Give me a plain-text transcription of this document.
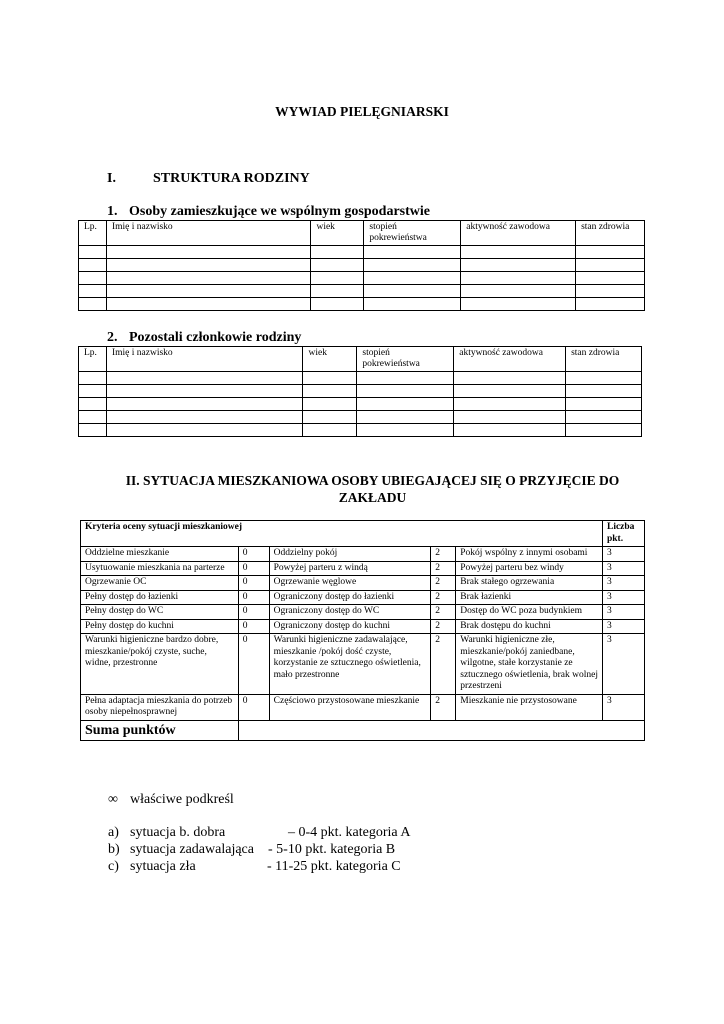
WYWIAD PIELĘGNIARSKI
I.	STRUKTURA RODZINY
1. Osoby zamieszkujące we wspólnym gospodarstwie
Lp.	Imię i nazwisko	wiek	stopień pokrewieństwa	aktywność zawodowa	stan zdrowia

2. Pozostali członkowie rodziny
Lp.	Imię i nazwisko	wiek	stopień pokrewieństwa	aktywność zawodowa	stan zdrowia

II. SYTUACJA MIESZKANIOWA OSOBY UBIEGAJĄCEJ SIĘ O PRZYJĘCIE DO ZAKŁADU
Kryteria oceny sytuacji mieszkaniowej					Liczba pkt.
Oddzielne mieszkanie	0	Oddzielny pokój	2	Pokój wspólny z innymi osobami	3
Usytuowanie mieszkania na parterze	0	Powyżej parteru z windą	2	Powyżej parteru bez windy	3
Ogrzewanie OC	0	Ogrzewanie węglowe	2	Brak stałego ogrzewania	3
Pełny dostęp do łazienki	0	Ograniczony dostęp do łazienki	2	Brak łazienki	3
Pełny dostęp do WC	0	Ograniczony dostęp do WC	2	Dostęp do WC poza budynkiem	3
Pełny dostęp do kuchni	0	Ograniczony dostęp do kuchni	2	Brak dostępu do kuchni	3
Warunki higieniczne bardzo dobre, mieszkanie/pokój czyste, suche, widne, przestronne	0	Warunki higieniczne zadawalające, mieszkanie /pokój dość czyste, korzystanie ze sztucznego oświetlenia, mało przestronne	2	Warunki higieniczne złe, mieszkanie/pokój zaniedbane, wilgotne, stałe korzystanie ze sztucznego oświetlenia, brak wolnej przestrzeni	3
Pełna adaptacja mieszkania do potrzeb osoby niepełnosprawnej	0	Częściowo przystosowane mieszkanie	2	Mieszkanie nie przystosowane	3
Suma punktów					
∞ właściwe podkreśl
a) sytuacja b. dobra	– 0-4 pkt. kategoria A
b) sytuacja zadawalająca - 5-10 pkt. kategoria B
c) sytuacja zła	- 11-25 pkt. kategoria C
